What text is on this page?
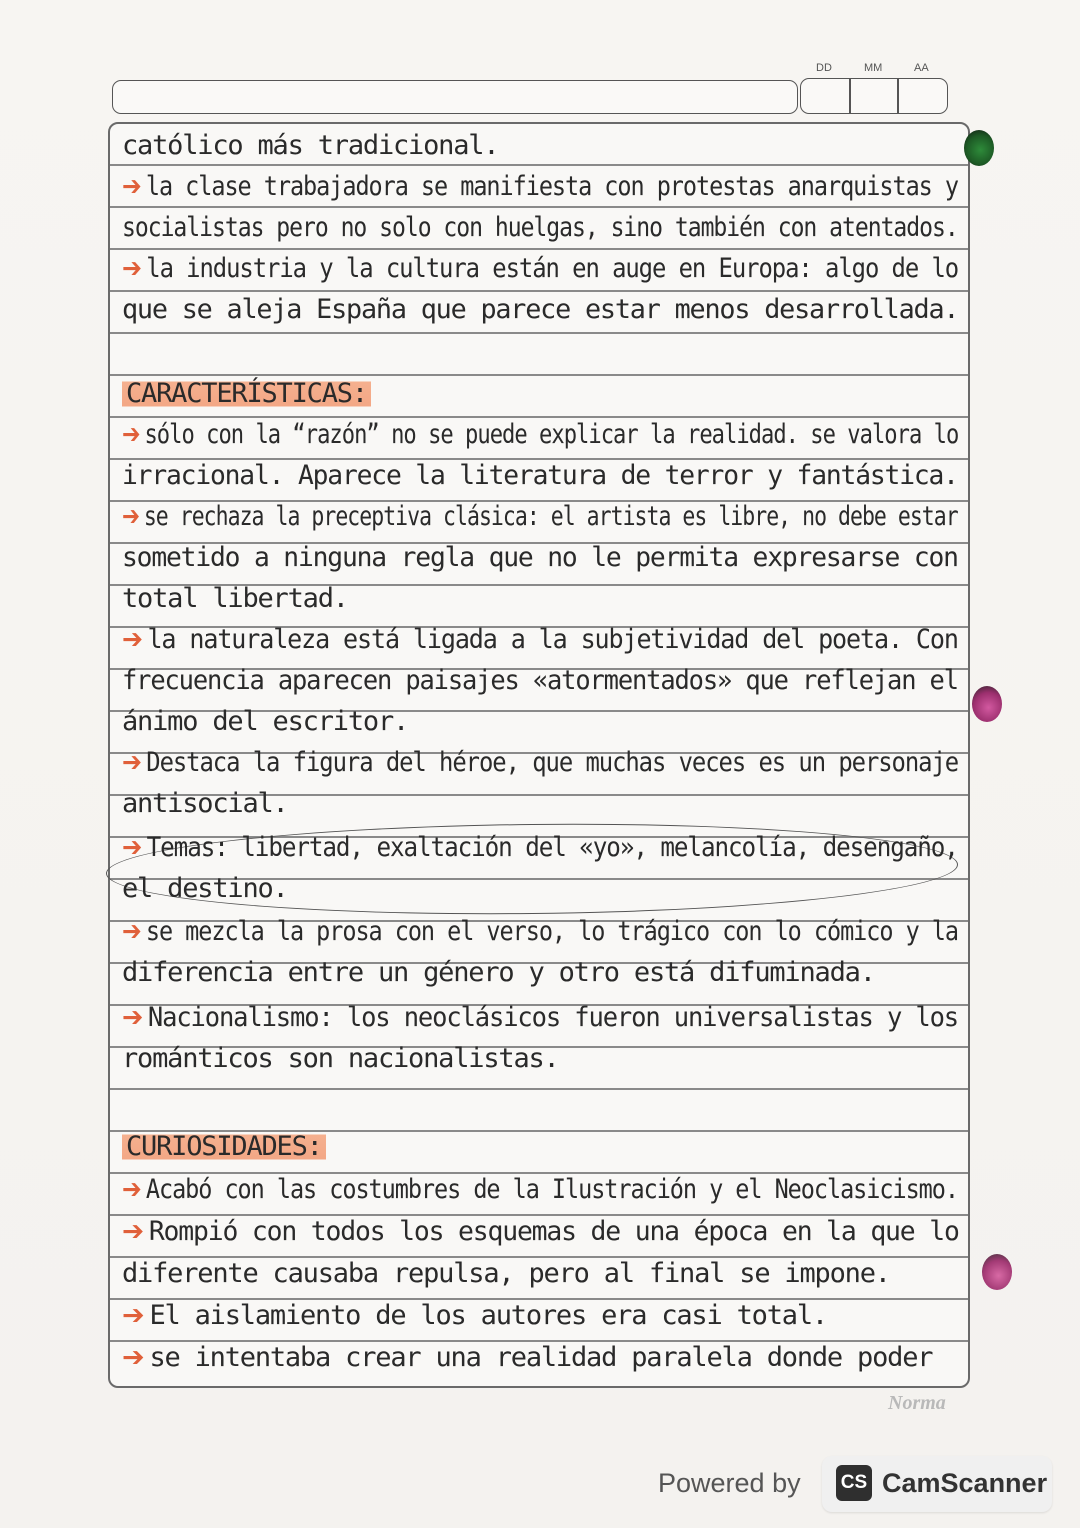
DD	MM	AA
católico más tradicional.
➔ la clase trabajadora se manifiesta con protestas anarquistas y
socialistas pero no solo con huelgas, sino también con atentados.
➔ la industria y la cultura están en auge en Europa: algo de lo
que se aleja España que parece estar menos desarrollada.
CARACTERÍSTICAS:
➔ sólo con la “razón” no se puede explicar la realidad. se valora lo
irracional. Aparece la literatura de terror y fantástica.
➔ se rechaza la preceptiva clásica: el artista es libre, no debe estar
sometido a ninguna regla que no le permita expresarse con
total libertad.
➔ la naturaleza está ligada a la subjetividad del poeta. Con
frecuencia aparecen paisajes «atormentados» que reflejan el
ánimo del escritor.
➔ Destaca la figura del héroe, que muchas veces es un personaje
antisocial.
➔ Temas: libertad, exaltación del «yo», melancolía, desengaño,
el destino.
➔ se mezcla la prosa con el verso, lo trágico con lo cómico y la
diferencia entre un género y otro está difuminada.
➔ Nacionalismo: los neoclásicos fueron universalistas y los
románticos son nacionalistas.
CURIOSIDADES:
➔ Acabó con las costumbres de la Ilustración y el Neoclasicismo.
➔ Rompió con todos los esquemas de una época en la que lo
diferente causaba repulsa, pero al final se impone.
➔ El aislamiento de los autores era casi total.
➔ se intentaba crear una realidad paralela donde poder
Norma
Powered by CS CamScanner
